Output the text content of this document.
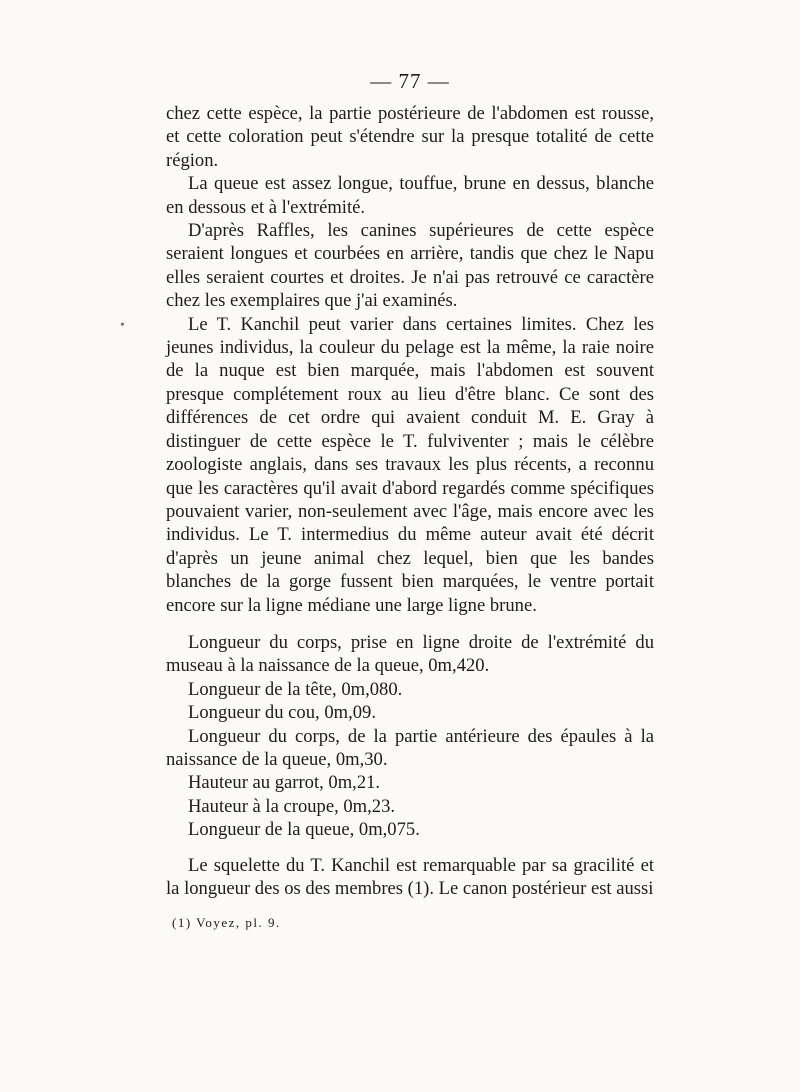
— 77 —

chez cette espèce, la partie postérieure de l'abdomen est rousse, et cette coloration peut s'étendre sur la presque totalité de cette région.

La queue est assez longue, touffue, brune en dessus, blanche en dessous et à l'extrémité.

D'après Raffles, les canines supérieures de cette espèce seraient longues et courbées en arrière, tandis que chez le Napu elles seraient courtes et droites. Je n'ai pas retrouvé ce caractère chez les exemplaires que j'ai examinés.

Le T. Kanchil peut varier dans certaines limites. Chez les jeunes individus, la couleur du pelage est la même, la raie noire de la nuque est bien marquée, mais l'abdomen est souvent presque complétement roux au lieu d'être blanc. Ce sont des différences de cet ordre qui avaient conduit M. E. Gray à distinguer de cette espèce le T. fulviventer ; mais le célèbre zoologiste anglais, dans ses travaux les plus récents, a reconnu que les caractères qu'il avait d'abord regardés comme spécifiques pouvaient varier, non-seulement avec l'âge, mais encore avec les individus. Le T. intermedius du même auteur avait été décrit d'après un jeune animal chez lequel, bien que les bandes blanches de la gorge fussent bien marquées, le ventre portait encore sur la ligne médiane une large ligne brune.

Longueur du corps, prise en ligne droite de l'extrémité du museau à la naissance de la queue, 0m,420.

Longueur de la tête, 0m,080.

Longueur du cou, 0m,09.

Longueur du corps, de la partie antérieure des épaules à la naissance de la queue, 0m,30.

Hauteur au garrot, 0m,21.

Hauteur à la croupe, 0m,23.

Longueur de la queue, 0m,075.

Le squelette du T. Kanchil est remarquable par sa gracilité et la longueur des os des membres (1). Le canon postérieur est aussi

•
(1) Voyez, pl. 9.
